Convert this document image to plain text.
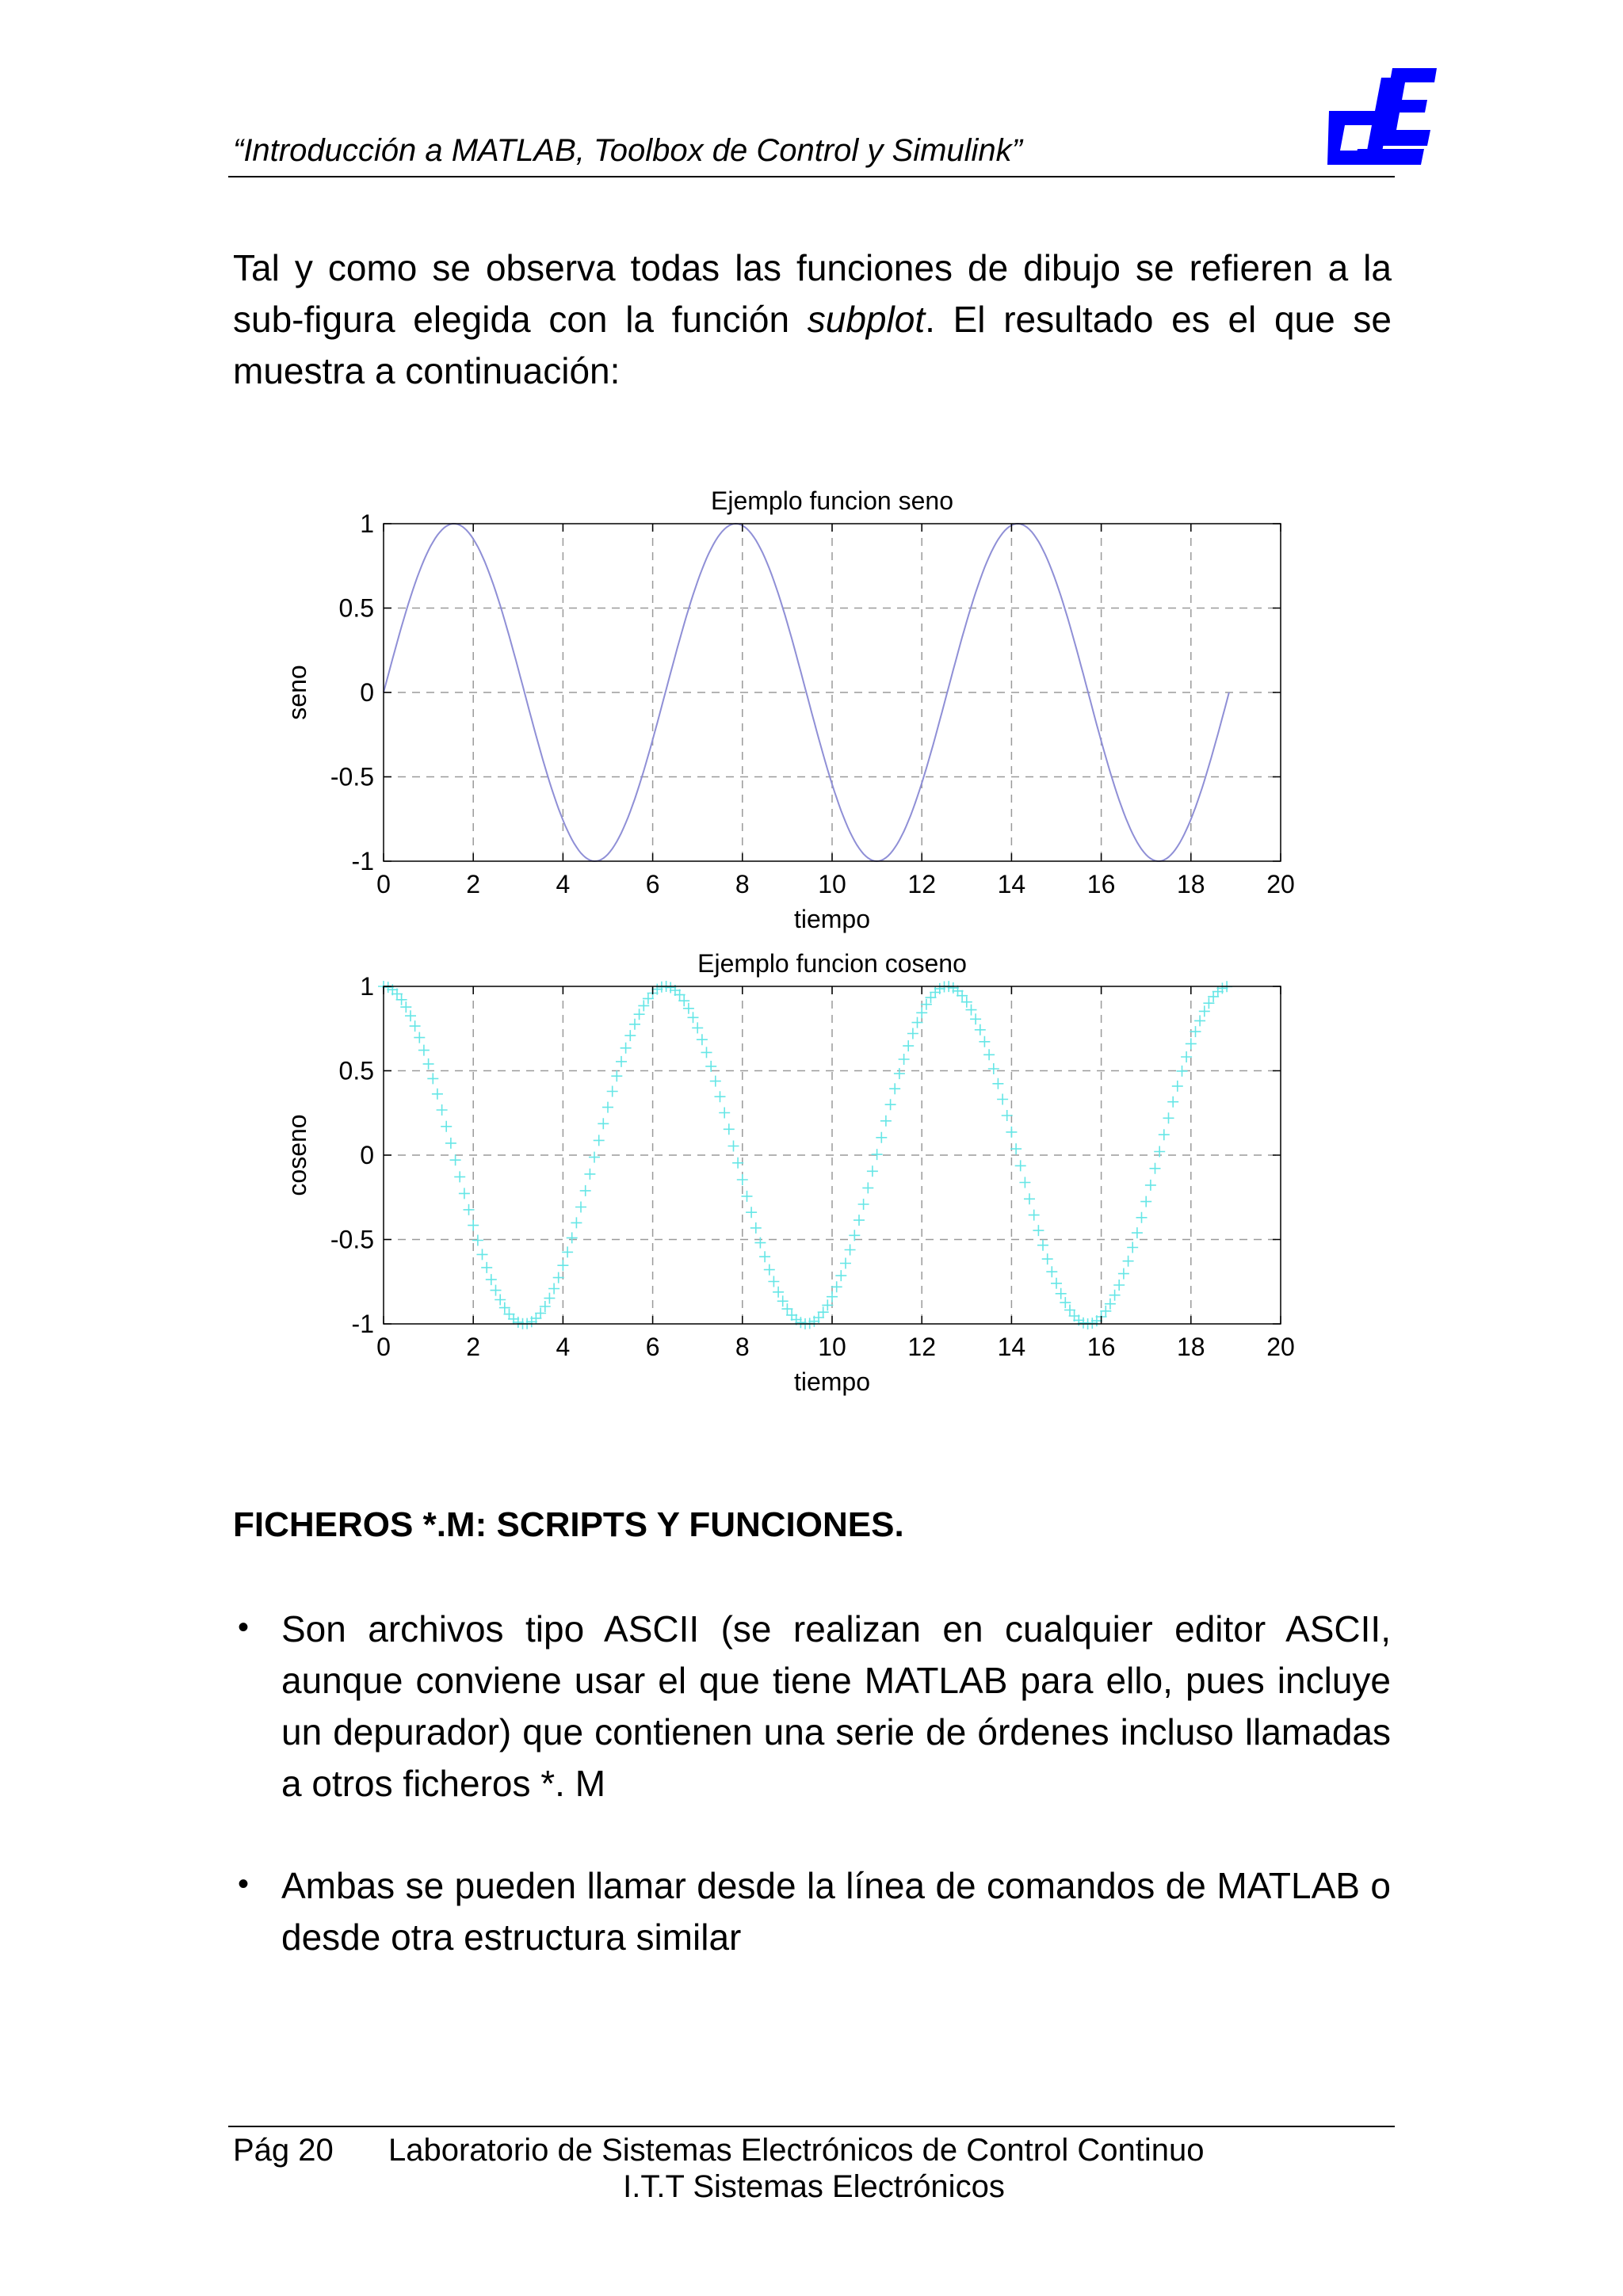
“Introducción a MATLAB, Toolbox de Control y Simulink”
Tal y como se observa todas las funciones de dibujo se refieren a la sub-figura elegida con la función subplot. El resultado es el que se muestra a continuación:
0	2	4	6	8	10 12 14 16 18 20
1
0.5
0
-0.5
-1
Ejemplo funcion seno
tiempo
seno
0	2	4	6	8	10 12 14 16 18 20
1
0.5
0
-0.5
-1
Ejemplo funcion coseno
tiempo
coseno
FICHEROS *.M: SCRIPTS Y FUNCIONES.
• Son archivos tipo ASCII (se realizan en cualquier editor ASCII, aunque conviene usar el que tiene MATLAB para ello, pues incluye un depurador) que contienen una serie de órdenes incluso llamadas a otros ficheros *. M
• Ambas se pueden llamar desde la línea de comandos de MATLAB o desde otra estructura similar
Pág 20 Laboratorio de Sistemas Electrónicos de Control Continuo
I.T.T Sistemas Electrónicos
